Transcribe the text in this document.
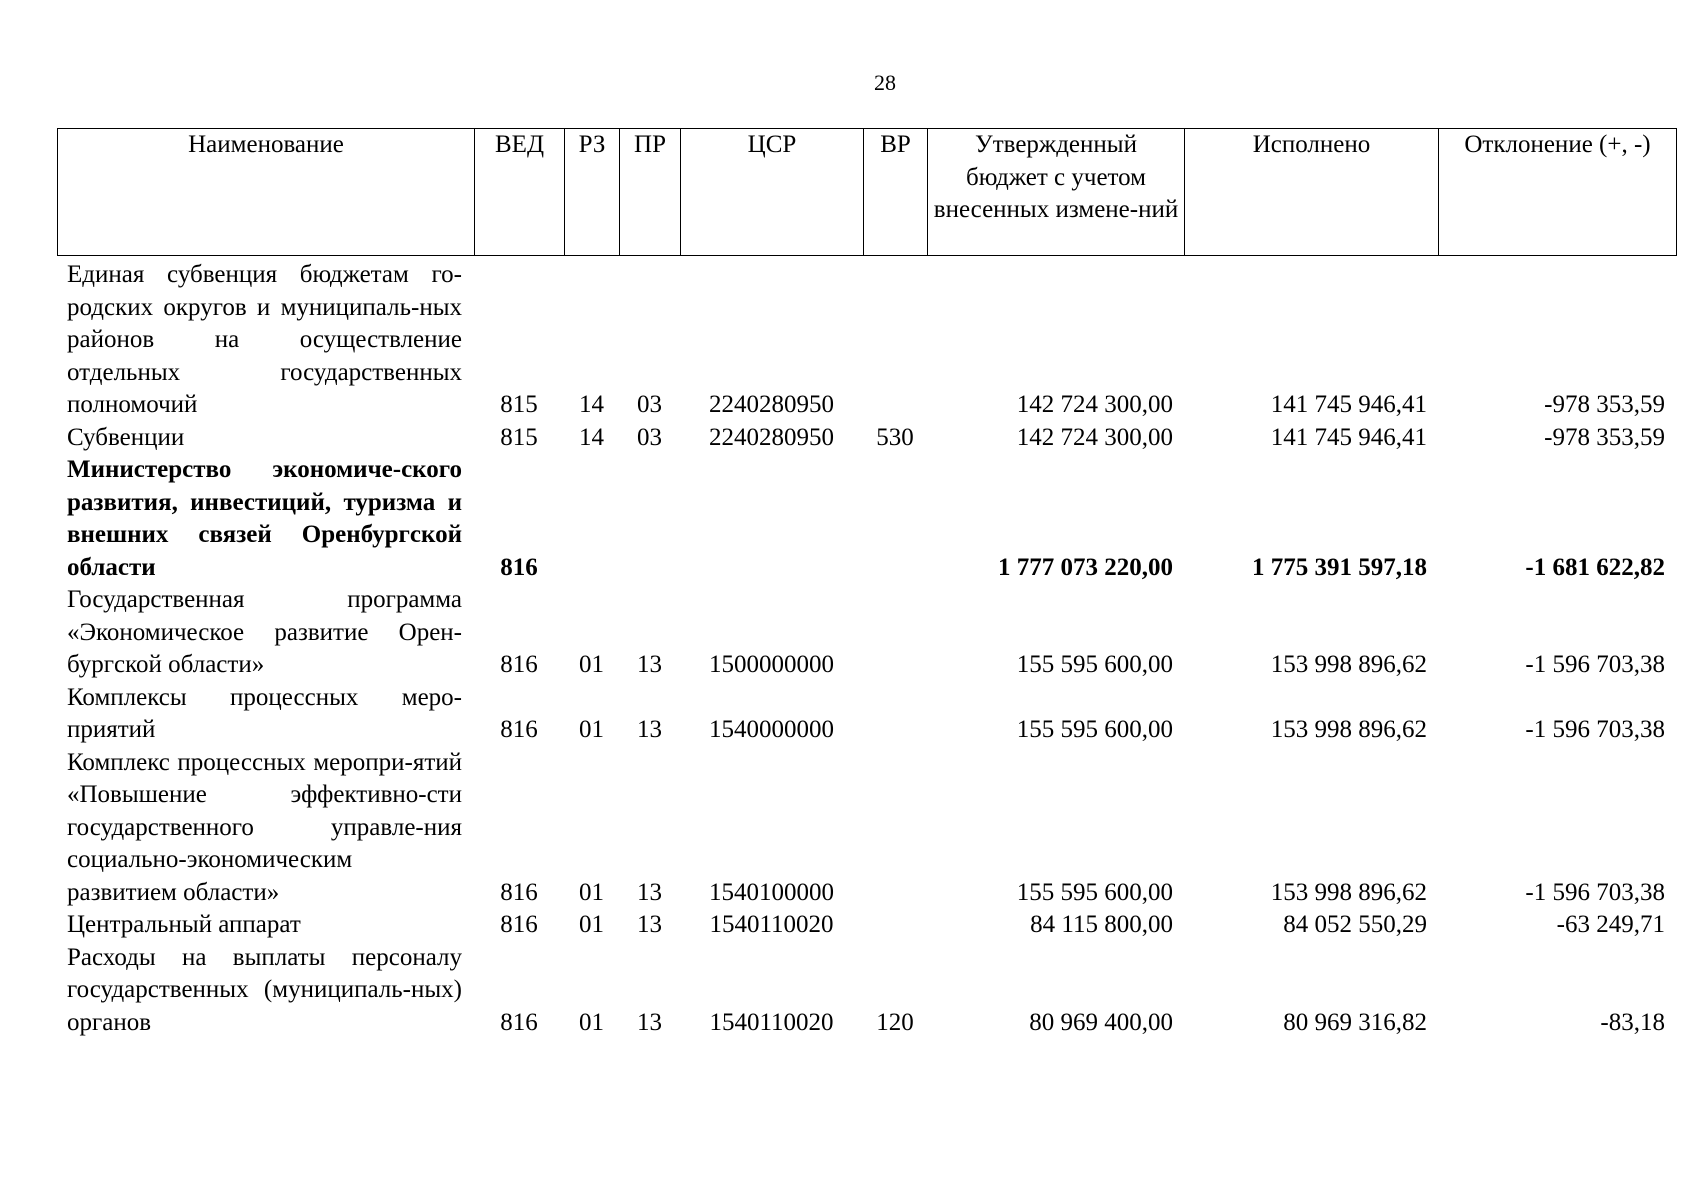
28
Наименование	ВЕД	РЗ	ПР	ЦСР	ВР	Утвержденный бюджет с учетом внесенных измене-ний	Исполнено	Отклонение (+, -)
Единая субвенция бюджетам го-родских округов и муниципаль-ных районов на осуществление отдельных государственных полномочий	815	14	03	2240280950		142 724 300,00	141 745 946,41	-978 353,59
Субвенции	815	14	03	2240280950	530	142 724 300,00	141 745 946,41	-978 353,59
Министерство экономиче-ского развития, инвестиций, туризма и внешних связей Оренбургской области	816					1 777 073 220,00	1 775 391 597,18	-1 681 622,82
Государственная программа «Экономическое развитие Орен-бургской области»	816	01	13	1500000000		155 595 600,00	153 998 896,62	-1 596 703,38
Комплексы процессных меро-приятий	816	01	13	1540000000		155 595 600,00	153 998 896,62	-1 596 703,38
Комплекс процессных меропри-ятий «Повышение эффективно-сти государственного управле-ния социально-экономическим развитием области»	816	01	13	1540100000		155 595 600,00	153 998 896,62	-1 596 703,38
Центральный аппарат	816	01	13	1540110020		84 115 800,00	84 052 550,29	-63 249,71
Расходы на выплаты персоналу государственных (муниципаль-ных) органов	816	01	13	1540110020	120	80 969 400,00	80 969 316,82	-83,18
